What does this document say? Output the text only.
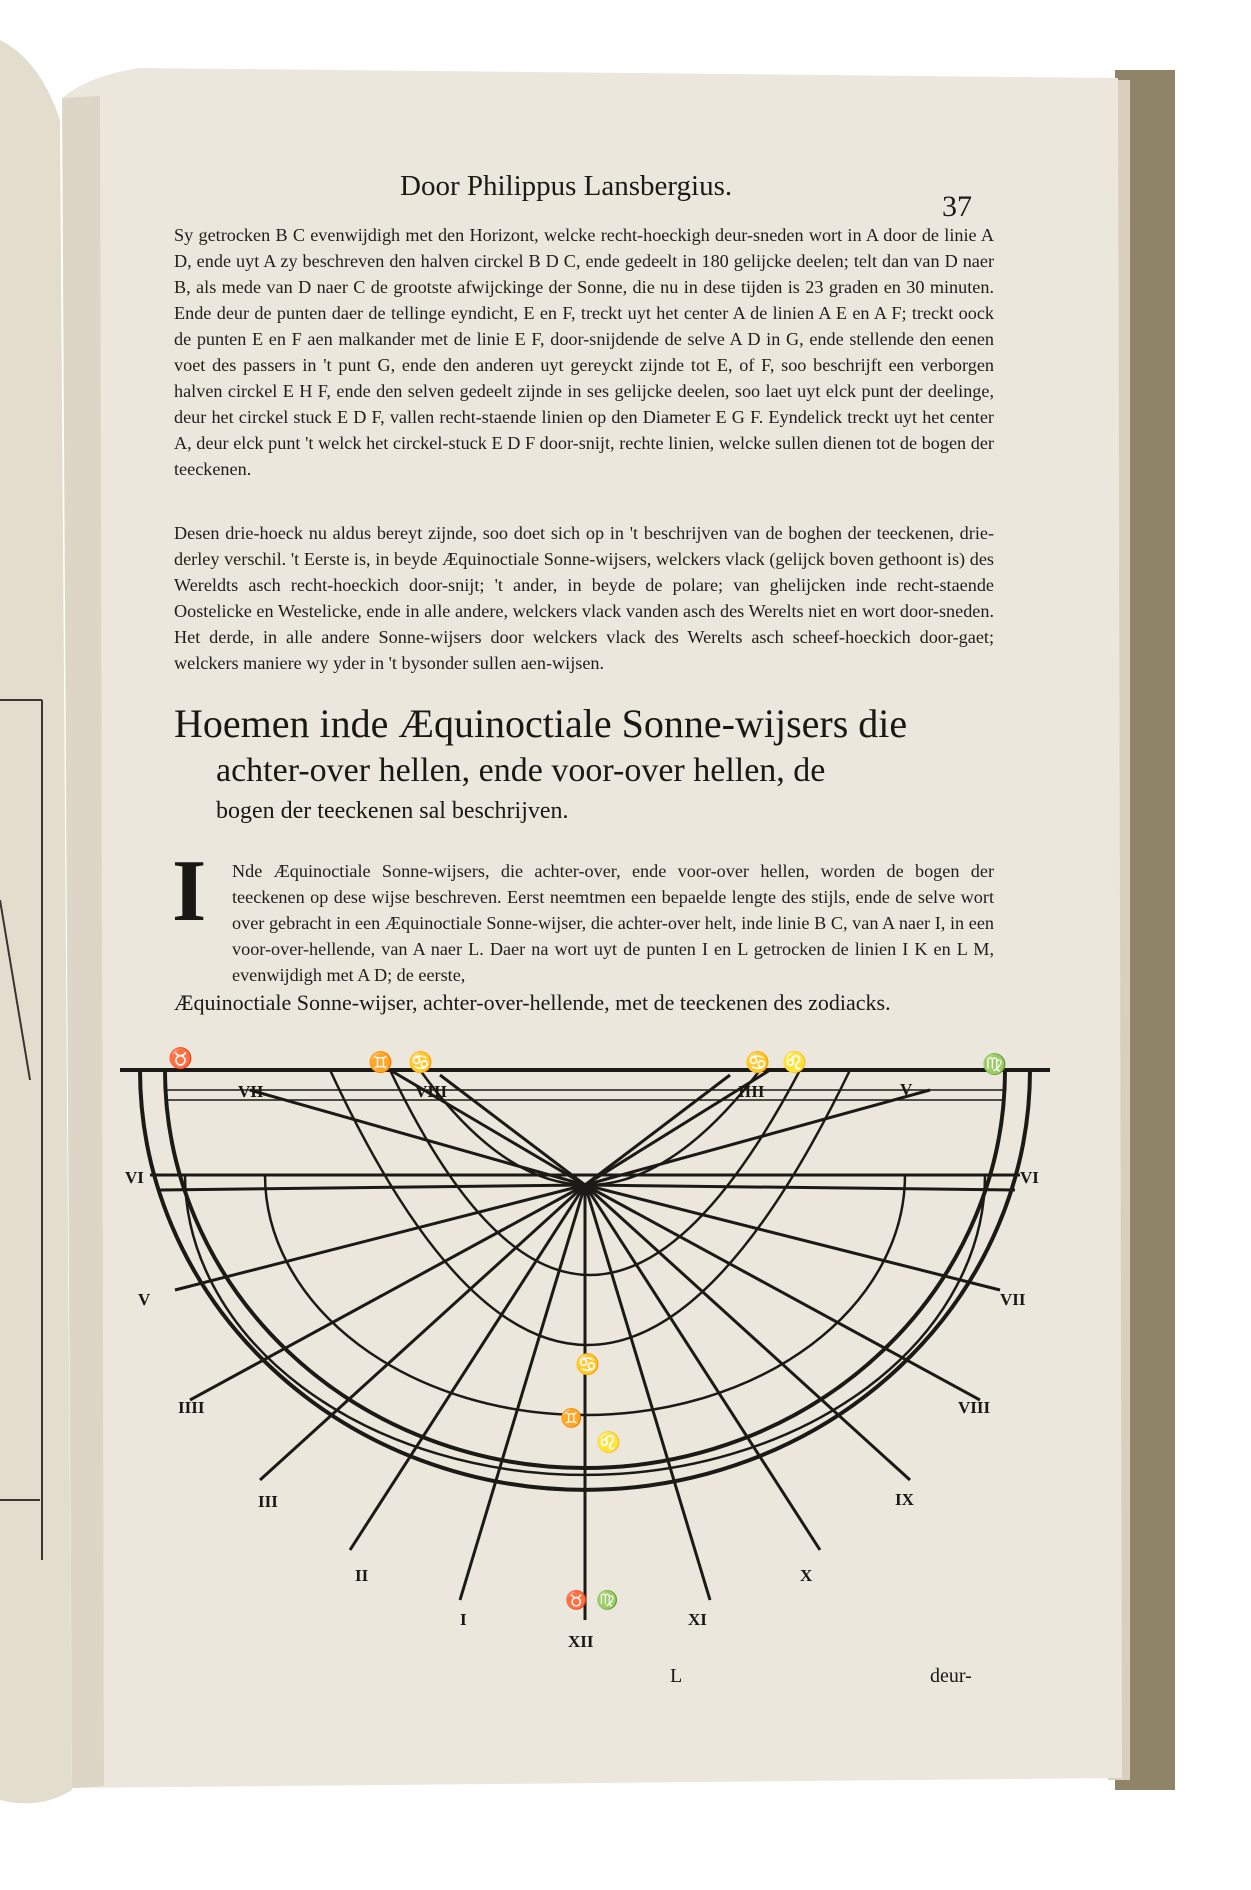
Door Philippus Lansbergius.
37

Sy getrocken B C evenwijdigh met den Horizont, welcke recht-hoeckigh deur-sneden wort in A door de linie A D, ende uyt A zy beschreven den halven circkel B D C, ende gedeelt in 180 gelijcke deelen; telt dan van D naer B, als mede van D naer C de grootste afwijckinge der Sonne, die nu in dese tijden is 23 graden en 30 minuten. Ende deur de punten daer de tellinge eyndicht, E en F, treckt uyt het center A de linien A E en A F; treckt oock de punten E en F aen malkander met de linie E F, door-snijdende de selve A D in G, ende stellende den eenen voet des passers in 't punt G, ende den anderen uyt gereyckt zijnde tot E, of F, soo beschrijft een verborgen halven circkel E H F, ende den selven gedeelt zijnde in ses gelijcke deelen, soo laet uyt elck punt der deelinge, deur het circkel stuck E D F, vallen recht-staende linien op den Diameter E G F. Eyndelick treckt uyt het center A, deur elck punt 't welck het circkel-stuck E D F door-snijt, rechte linien, welcke sullen dienen tot de bogen der teeckenen.

Desen drie-hoeck nu aldus bereyt zijnde, soo doet sich op in 't beschrijven van de boghen der teeckenen, drie-derley verschil. 't Eerste is, in beyde Æquinoctiale Sonne-wijsers, welckers vlack (gelijck boven gethoont is) des Wereldts asch recht-hoeckich door-snijt; 't ander, in beyde de polare; van ghelijcken inde recht-staende Oostelicke en Westelicke, ende in alle andere, welckers vlack vanden asch des Werelts niet en wort door-sneden. Het derde, in alle andere Sonne-wijsers door welckers vlack des Werelts asch scheef-hoeckich door-gaet; welckers maniere wy yder in 't bysonder sullen aen-wijsen.

Hoemen inde Æquinoctiale Sonne-wijsers die
achter-over hellen, ende voor-over hellen, de
bogen der teeckenen sal beschrijven.
I Nde Æquinoctiale Sonne-wijsers, die achter-over, ende voor-over hellen, worden de bogen der teeckenen op dese wijse beschreven. Eerst neemtmen een bepaelde lengte des stijls, ende de selve wort over gebracht in een Æquinoctiale Sonne-wijser, die achter-over helt, inde linie B C, van A naer I, in een voor-over-hellende, van A naer L. Daer na wort uyt de punten I en L getrocken de linien I K en L M, evenwijdigh met A D; de eerste,
Æquinoctiale Sonne-wijser, achter-over-hellende, met de teeckenen des zodiacks.
VII	VIII	IIII	V
VI	VI
V	VII
IIII	VIII
III	IX
II	X
I	XI
XII
♉	♊ ♋	♋ ♌	♍
♋
♊
♌
♉ ♍
L	deur-
